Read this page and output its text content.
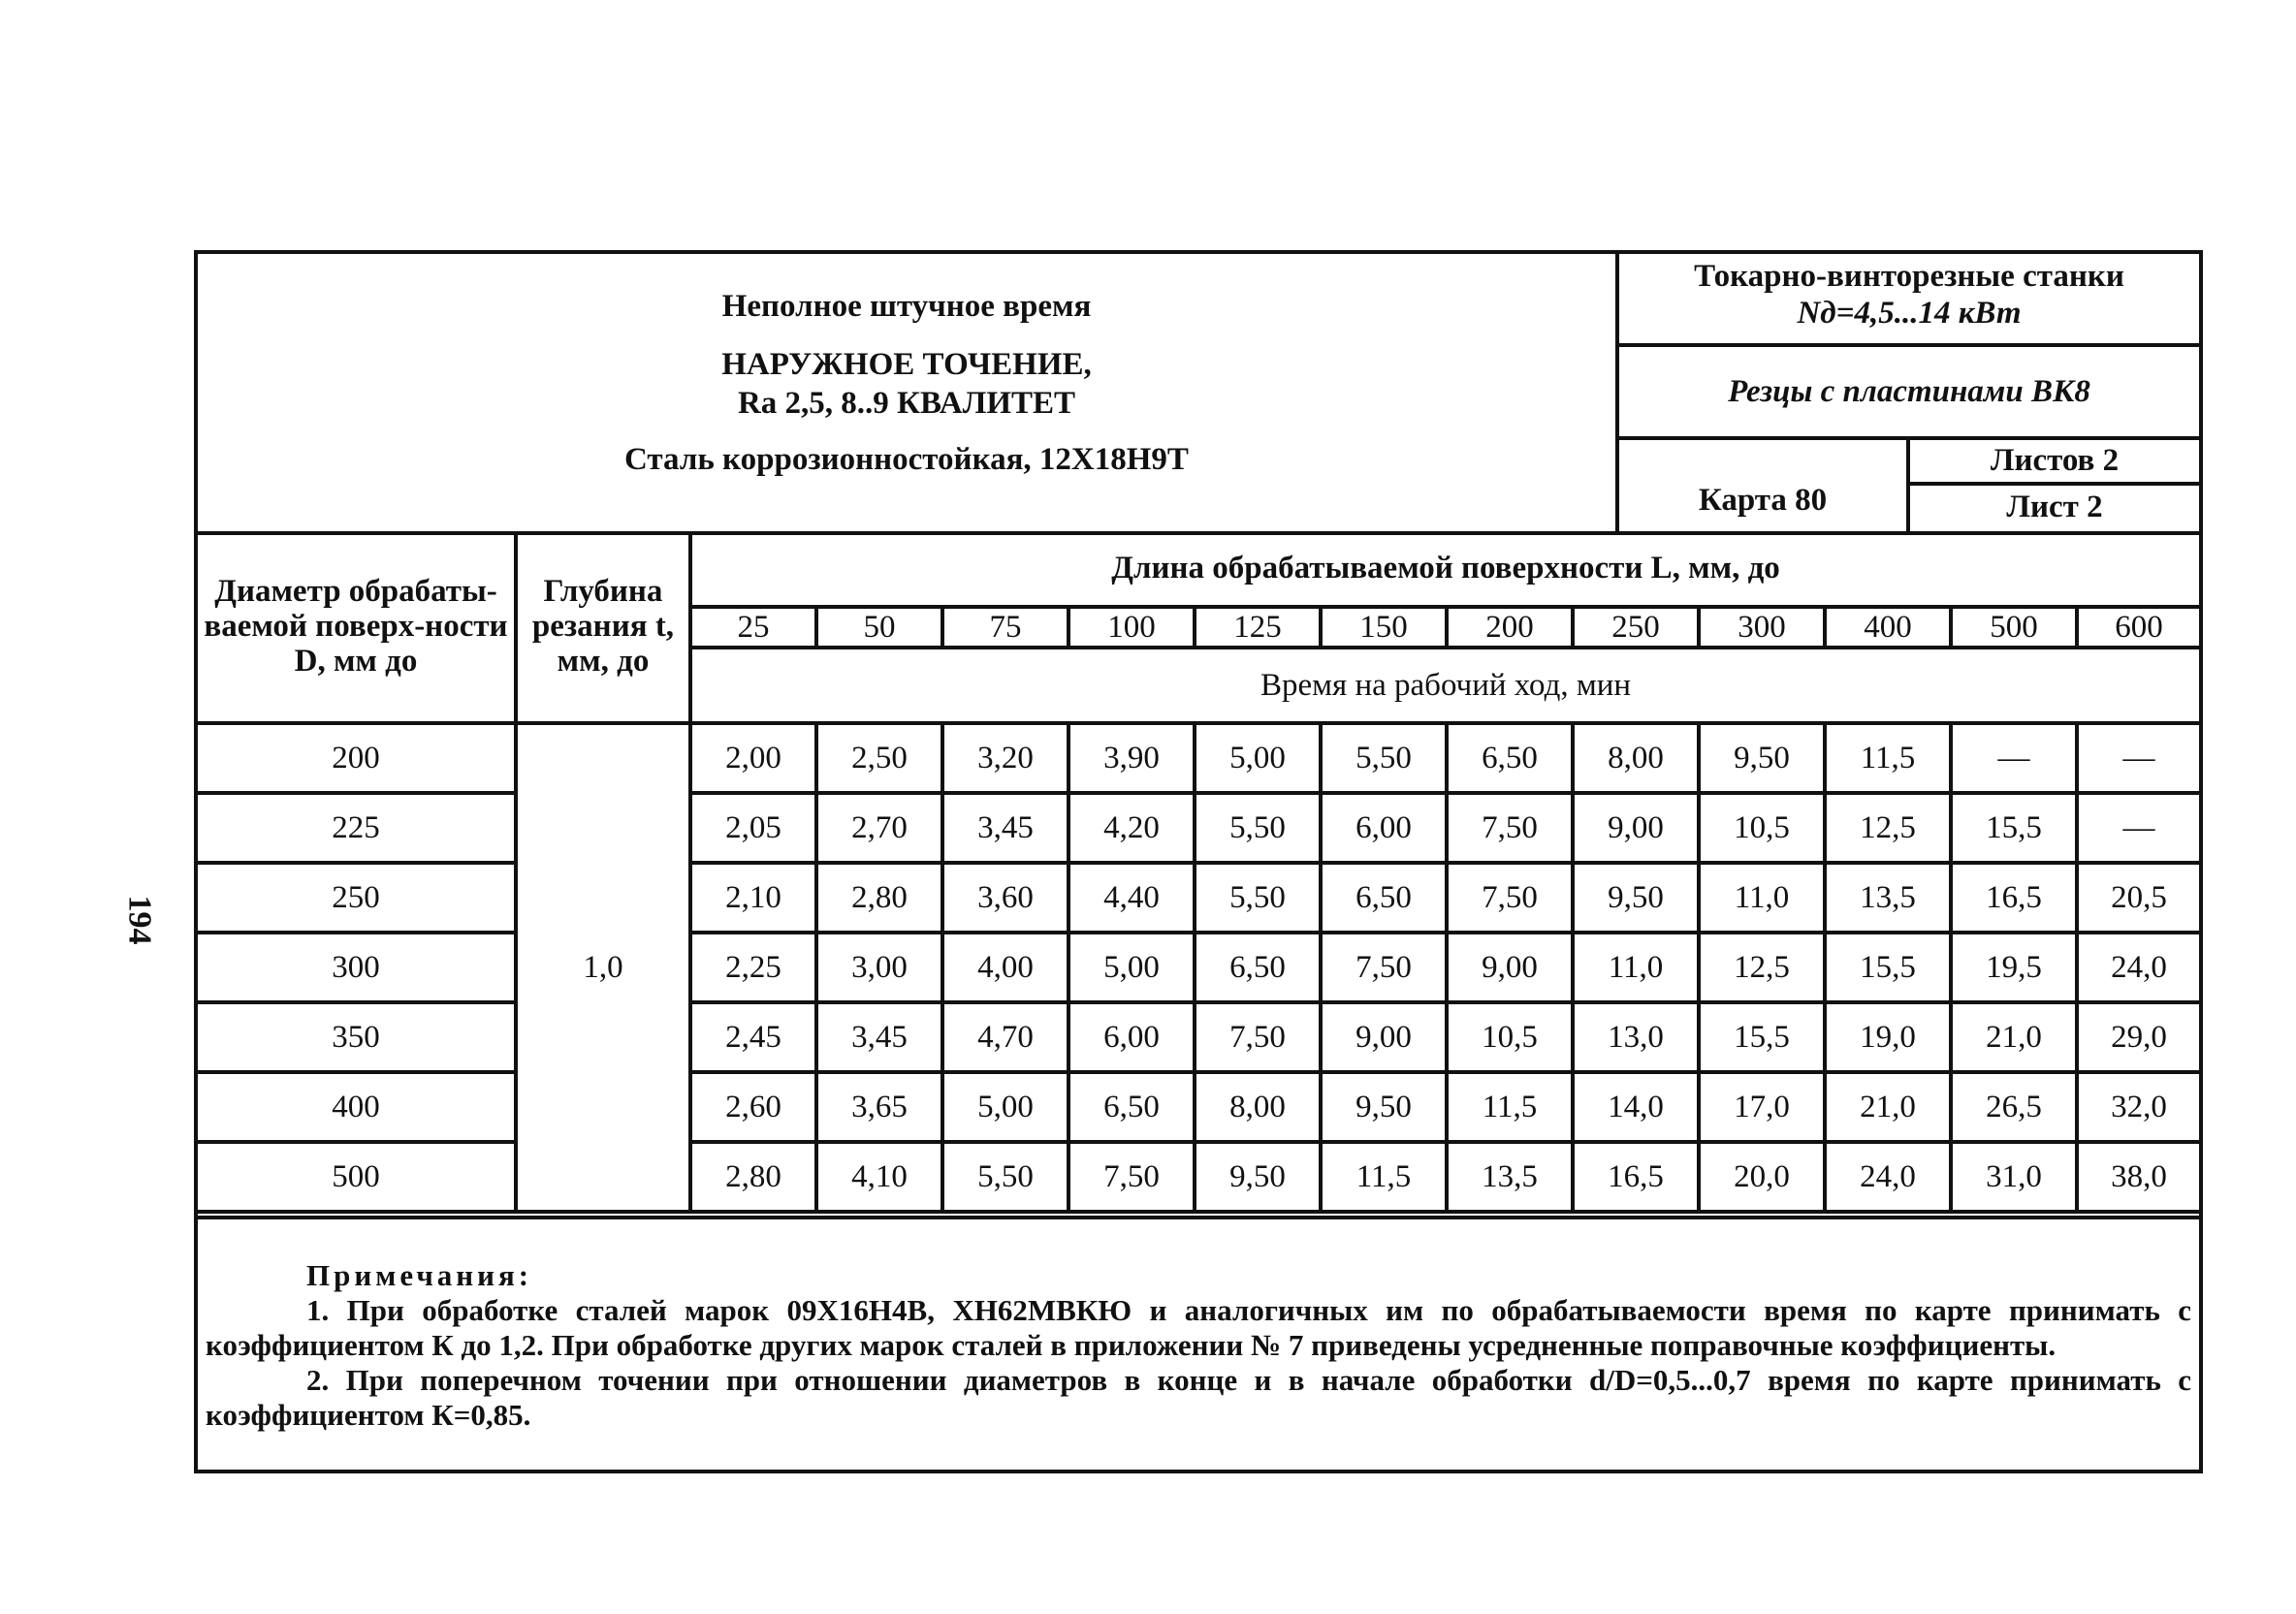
194
Неполное штучное время
НАРУЖНОЕ ТОЧЕНИЕ,
Ra 2,5, 8..9 КВАЛИТЕТ
Сталь коррозионностойкая, 12Х18Н9Т
Токарно-винторезные станки
Nд=4,5...14 кВт
Резцы с пластинами ВК8
Карта 80
Листов 2
Лист 2
Диаметр обрабаты-ваемой поверх-ности D, мм до	Глубина резания t, мм, до	Длина обрабатываемой поверхности L, мм, до											
		25	50	75	100	125	150	200	250	300	400	500	600
		Время на рабочий ход, мин											
200	1,0	2,00	2,50	3,20	3,90	5,00	5,50	6,50	8,00	9,50	11,5	—	—
225		2,05	2,70	3,45	4,20	5,50	6,00	7,50	9,00	10,5	12,5	15,5	—
250		2,10	2,80	3,60	4,40	5,50	6,50	7,50	9,50	11,0	13,5	16,5	20,5
300		2,25	3,00	4,00	5,00	6,50	7,50	9,00	11,0	12,5	15,5	19,5	24,0
350		2,45	3,45	4,70	6,00	7,50	9,00	10,5	13,0	15,5	19,0	21,0	29,0
400		2,60	3,65	5,00	6,50	8,00	9,50	11,5	14,0	17,0	21,0	26,5	32,0
500		2,80	4,10	5,50	7,50	9,50	11,5	13,5	16,5	20,0	24,0	31,0	38,0
Примечания:

1. При обработке сталей марок 09Х16Н4В, ХН62МВКЮ и аналогичных им по обрабатываемости время по карте принимать с коэффициентом К до 1,2. При обработке других марок сталей в приложении № 7 приведены усредненные поправочные коэффициенты.

2. При поперечном точении при отношении диаметров в конце и в начале обработки d/D=0,5...0,7 время по карте принимать с коэффициентом К=0,85.
